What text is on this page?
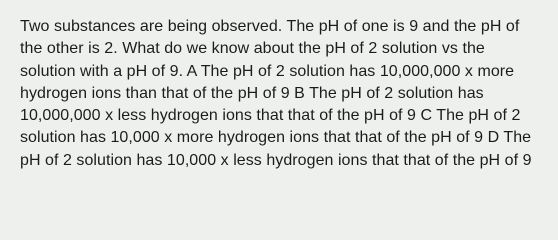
Two substances are being observed. The pH of one is 9 and the pH of the other is 2. What do we know about the pH of 2 solution vs the solution with a pH of 9. A The pH of 2 solution has 10,000,000 x more hydrogen ions than that of the pH of 9 B The pH of 2 solution has 10,000,000 x less hydrogen ions that that of the pH of 9 C The pH of 2 solution has 10,000 x more hydrogen ions that that of the pH of 9 D The pH of 2 solution has 10,000 x less hydrogen ions that that of the pH of 9
